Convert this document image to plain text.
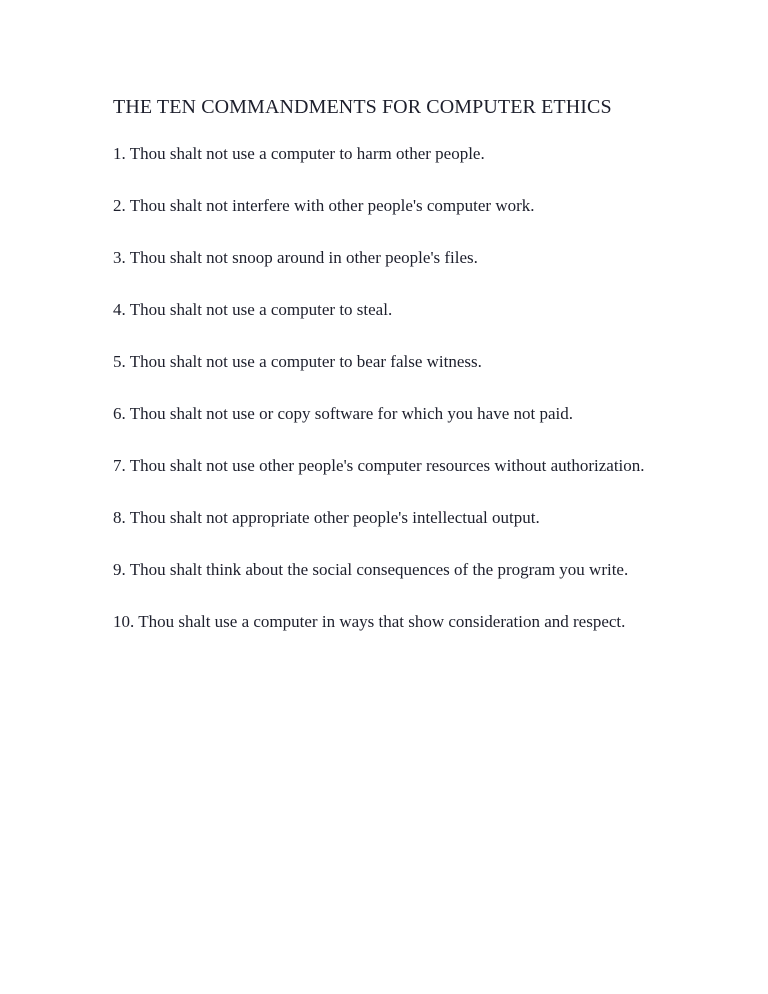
THE TEN COMMANDMENTS FOR COMPUTER ETHICS
1. Thou shalt not use a computer to harm other people.
2. Thou shalt not interfere with other people's computer work.
3. Thou shalt not snoop around in other people's files.
4. Thou shalt not use a computer to steal.
5. Thou shalt not use a computer to bear false witness.
6. Thou shalt not use or copy software for which you have not paid.
7. Thou shalt not use other people's computer resources without authorization.
8. Thou shalt not appropriate other people's intellectual output.
9. Thou shalt think about the social consequences of the program you write.
10. Thou shalt use a computer in ways that show consideration and respect.
